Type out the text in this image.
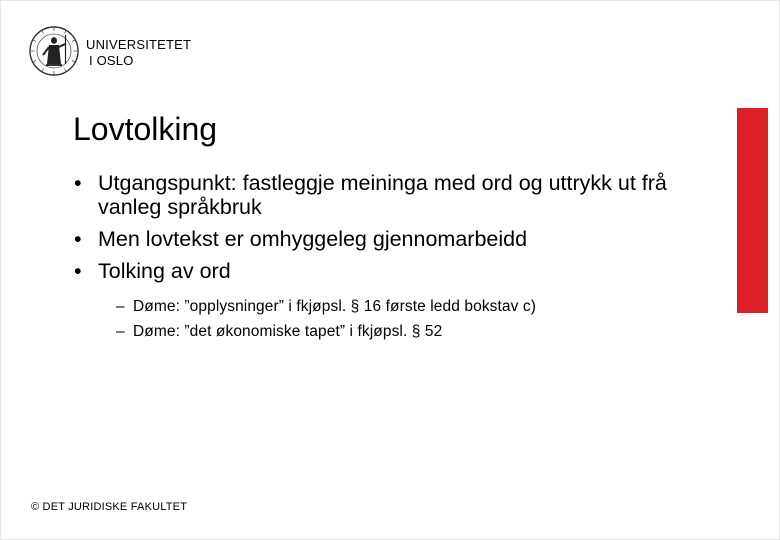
UNIVERSITETET
I OSLO
Lovtolking
• Utgangspunkt: fastleggje meininga med ord og uttrykk ut frå vanleg språkbruk
• Men lovtekst er omhyggeleg gjennomarbeidd
• Tolking av ord
– Døme: ”opplysninger” i fkjøpsl. § 16 første ledd bokstav c)
– Døme: ”det økonomiske tapet” i fkjøpsl. § 52
© DET JURIDISKE FAKULTET
